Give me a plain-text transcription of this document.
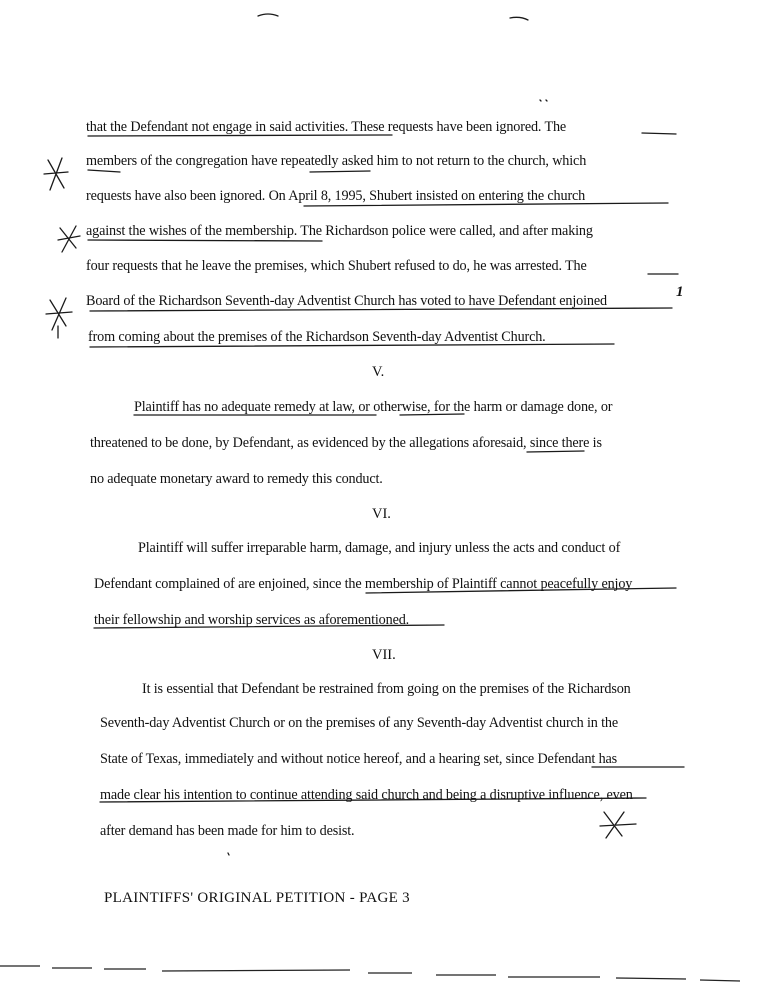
that the Defendant not engage in said activities. These requests have been ignored. The
members of the congregation have repeatedly asked him to not return to the church, which
requests have also been ignored. On April 8, 1995, Shubert insisted on entering the church
against the wishes of the membership. The Richardson police were called, and after making
four requests that he leave the premises, which Shubert refused to do, he was arrested. The
Board of the Richardson Seventh-day Adventist Church has voted to have Defendant enjoined
from coming about the premises of the Richardson Seventh-day Adventist Church.
V.
Plaintiff has no adequate remedy at law, or otherwise, for the harm or damage done, or
threatened to be done, by Defendant, as evidenced by the allegations aforesaid, since there is
no adequate monetary award to remedy this conduct.
VI.
Plaintiff will suffer irreparable harm, damage, and injury unless the acts and conduct of
Defendant complained of are enjoined, since the membership of Plaintiff cannot peacefully enjoy
their fellowship and worship services as aforementioned.
VII.
It is essential that Defendant be restrained from going on the premises of the Richardson
Seventh-day Adventist Church or on the premises of any Seventh-day Adventist church in the
State of Texas, immediately and without notice hereof, and a hearing set, since Defendant has
made clear his intention to continue attending said church and being a disruptive influence, even
after demand has been made for him to desist.
PLAINTIFFS' ORIGINAL PETITION - PAGE 3
1
